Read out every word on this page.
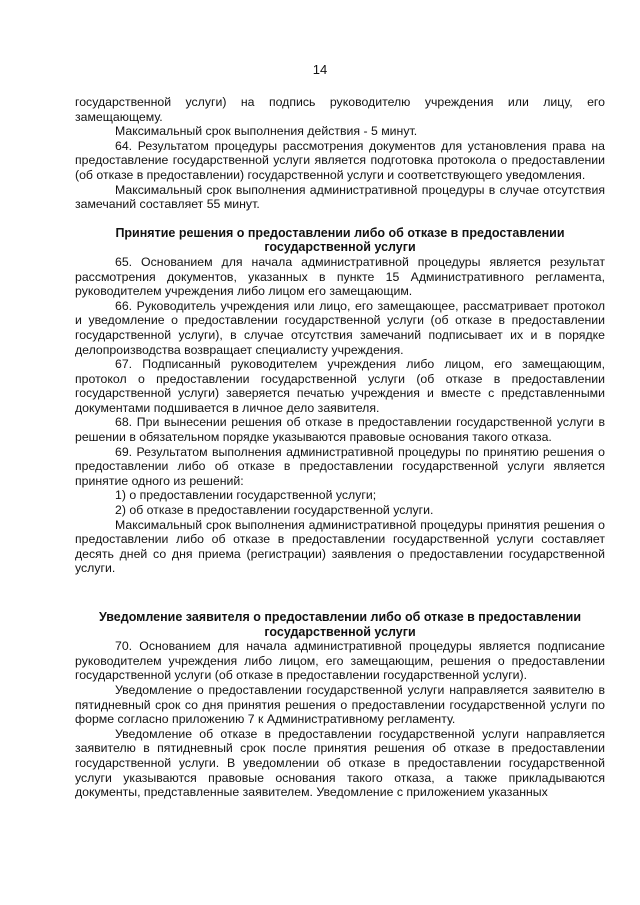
14

государственной услуги) на подпись руководителю учреждения или лицу, его замещающему.

Максимальный срок выполнения действия - 5 минут.

64. Результатом процедуры рассмотрения документов для установления права на предоставление государственной услуги является подготовка протокола о предоставлении (об отказе в предоставлении) государственной услуги и соответствующего уведомления.

Максимальный срок выполнения административной процедуры в случае отсутствия замечаний составляет 55 минут.

Принятие решения о предоставлении либо об отказе в предоставлении государственной услуги

65. Основанием для начала административной процедуры является результат рассмотрения документов, указанных в пункте 15 Административного регламента, руководителем учреждения либо лицом его замещающим.

66. Руководитель учреждения или лицо, его замещающее, рассматривает протокол и уведомление о предоставлении государственной услуги (об отказе в предоставлении государственной услуги), в случае отсутствия замечаний подписывает их и в порядке делопроизводства возвращает специалисту учреждения.

67. Подписанный руководителем учреждения либо лицом, его замещающим, протокол о предоставлении государственной услуги (об отказе в предоставлении государственной услуги) заверяется печатью учреждения и вместе с представленными документами подшивается в личное дело заявителя.

68. При вынесении решения об отказе в предоставлении государственной услуги в решении в обязательном порядке указываются правовые основания такого отказа.

69. Результатом выполнения административной процедуры по принятию решения о предоставлении либо об отказе в предоставлении государственной услуги является принятие одного из решений:

1) о предоставлении государственной услуги;

2) об отказе в предоставлении государственной услуги.

Максимальный срок выполнения административной процедуры принятия решения о предоставлении либо об отказе в предоставлении государственной услуги составляет десять дней со дня приема (регистрации) заявления о предоставлении государственной услуги.

Уведомление заявителя о предоставлении либо об отказе в предоставлении государственной услуги

70. Основанием для начала административной процедуры является подписание руководителем учреждения либо лицом, его замещающим, решения о предоставлении государственной услуги (об отказе в предоставлении государственной услуги).

Уведомление о предоставлении государственной услуги направляется заявителю в пятидневный срок со дня принятия решения о предоставлении государственной услуги по форме согласно приложению 7 к Административному регламенту.

Уведомление об отказе в предоставлении государственной услуги направляется заявителю в пятидневный срок после принятия решения об отказе в предоставлении государственной услуги. В уведомлении об отказе в предоставлении государственной услуги указываются правовые основания такого отказа, а также прикладываются документы, представленные заявителем. Уведомление с приложением указанных
